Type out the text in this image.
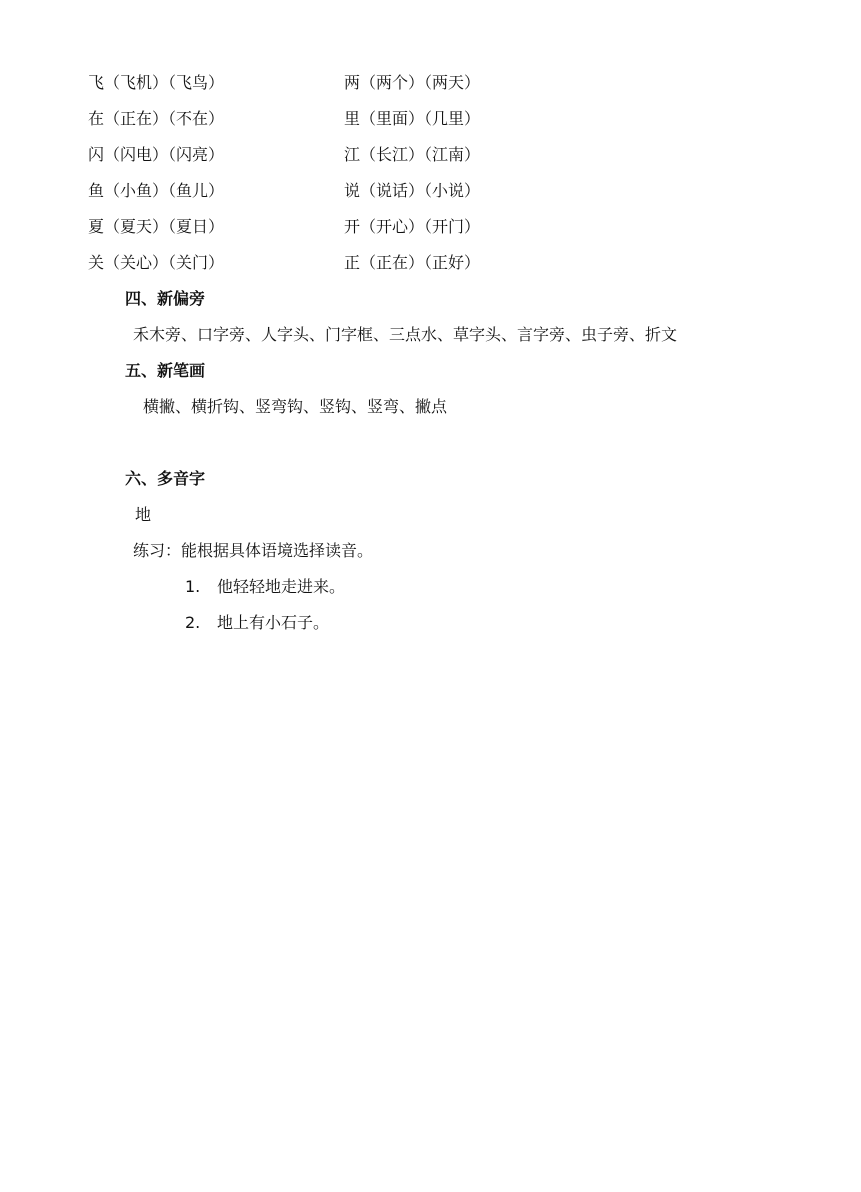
飞（飞机）（飞鸟）	两（两个）（两天）
在（正在）（不在）	里（里面）（几里）
闪（闪电）（闪亮）	江（长江）（江南）
鱼（小鱼）（鱼儿）	说（说话）（小说）
夏（夏天）（夏日）	开（开心）（开门）
关（关心）（关门）	正（正在）（正好）
四、新偏旁
禾木旁、口字旁、人字头、门字框、三点水、草字头、言字旁、虫子旁、折文
五、新笔画
横撇、横折钩、竖弯钩、竖钩、竖弯、撇点
六、多音字
地
练习：能根据具体语境选择读音。
1. 他轻轻地走进来。
2. 地上有小石子。
